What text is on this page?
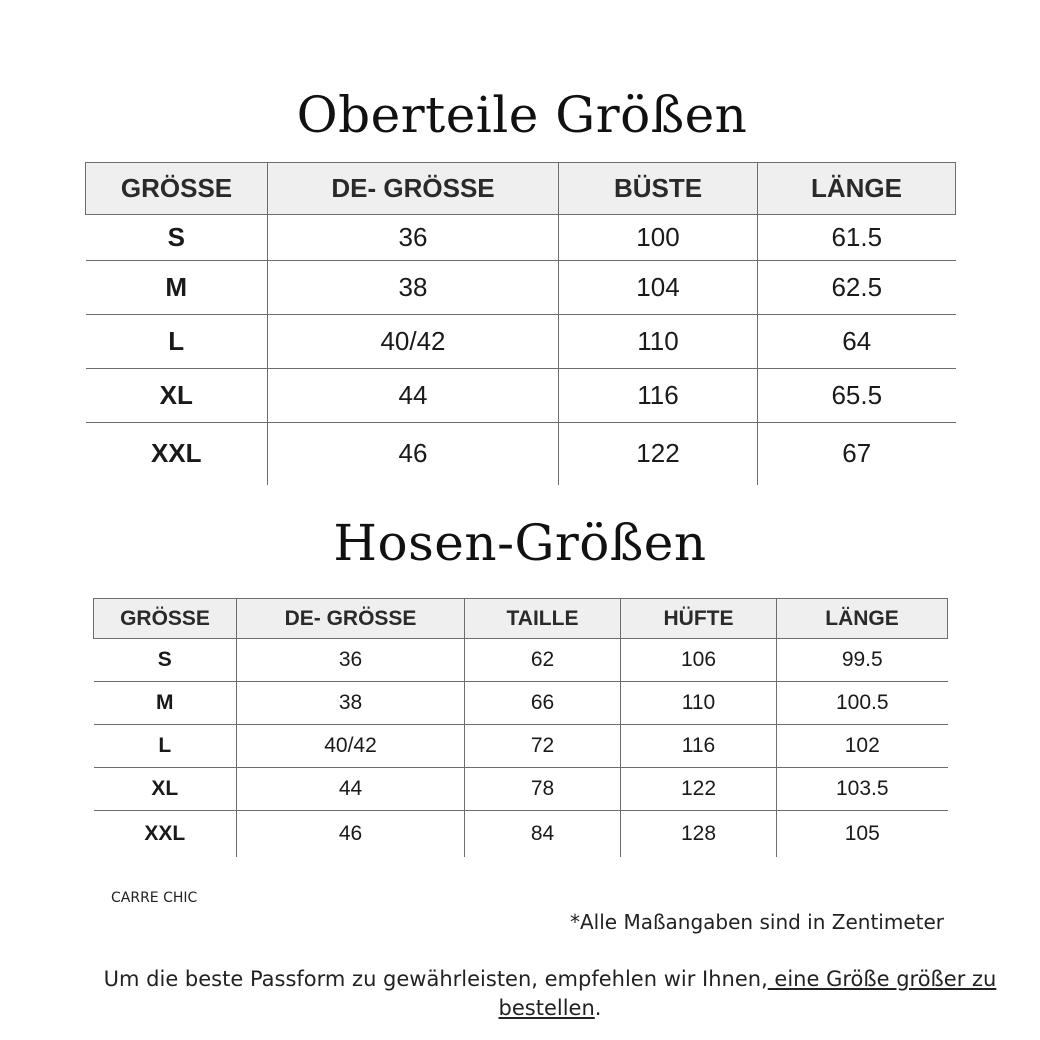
Oberteile Größen
GRÖSSE	DE- GRÖSSE	BÜSTE	LÄNGE
S	36	100	61.5
M	38	104	62.5
L	40/42	110	64
XL	44	116	65.5
XXL	46	122	67
Hosen-Größen
GRÖSSE	DE- GRÖSSE	TAILLE	HÜFTE	LÄNGE
S	36	62	106	99.5
M	38	66	110	100.5
L	40/42	72	116	102
XL	44	78	122	103.5
XXL	46	84	128	105
CARRE CHIC
*Alle Maßangaben sind in Zentimeter

Um die beste Passform zu gewährleisten, empfehlen wir Ihnen, eine Größe größer zu bestellen.
